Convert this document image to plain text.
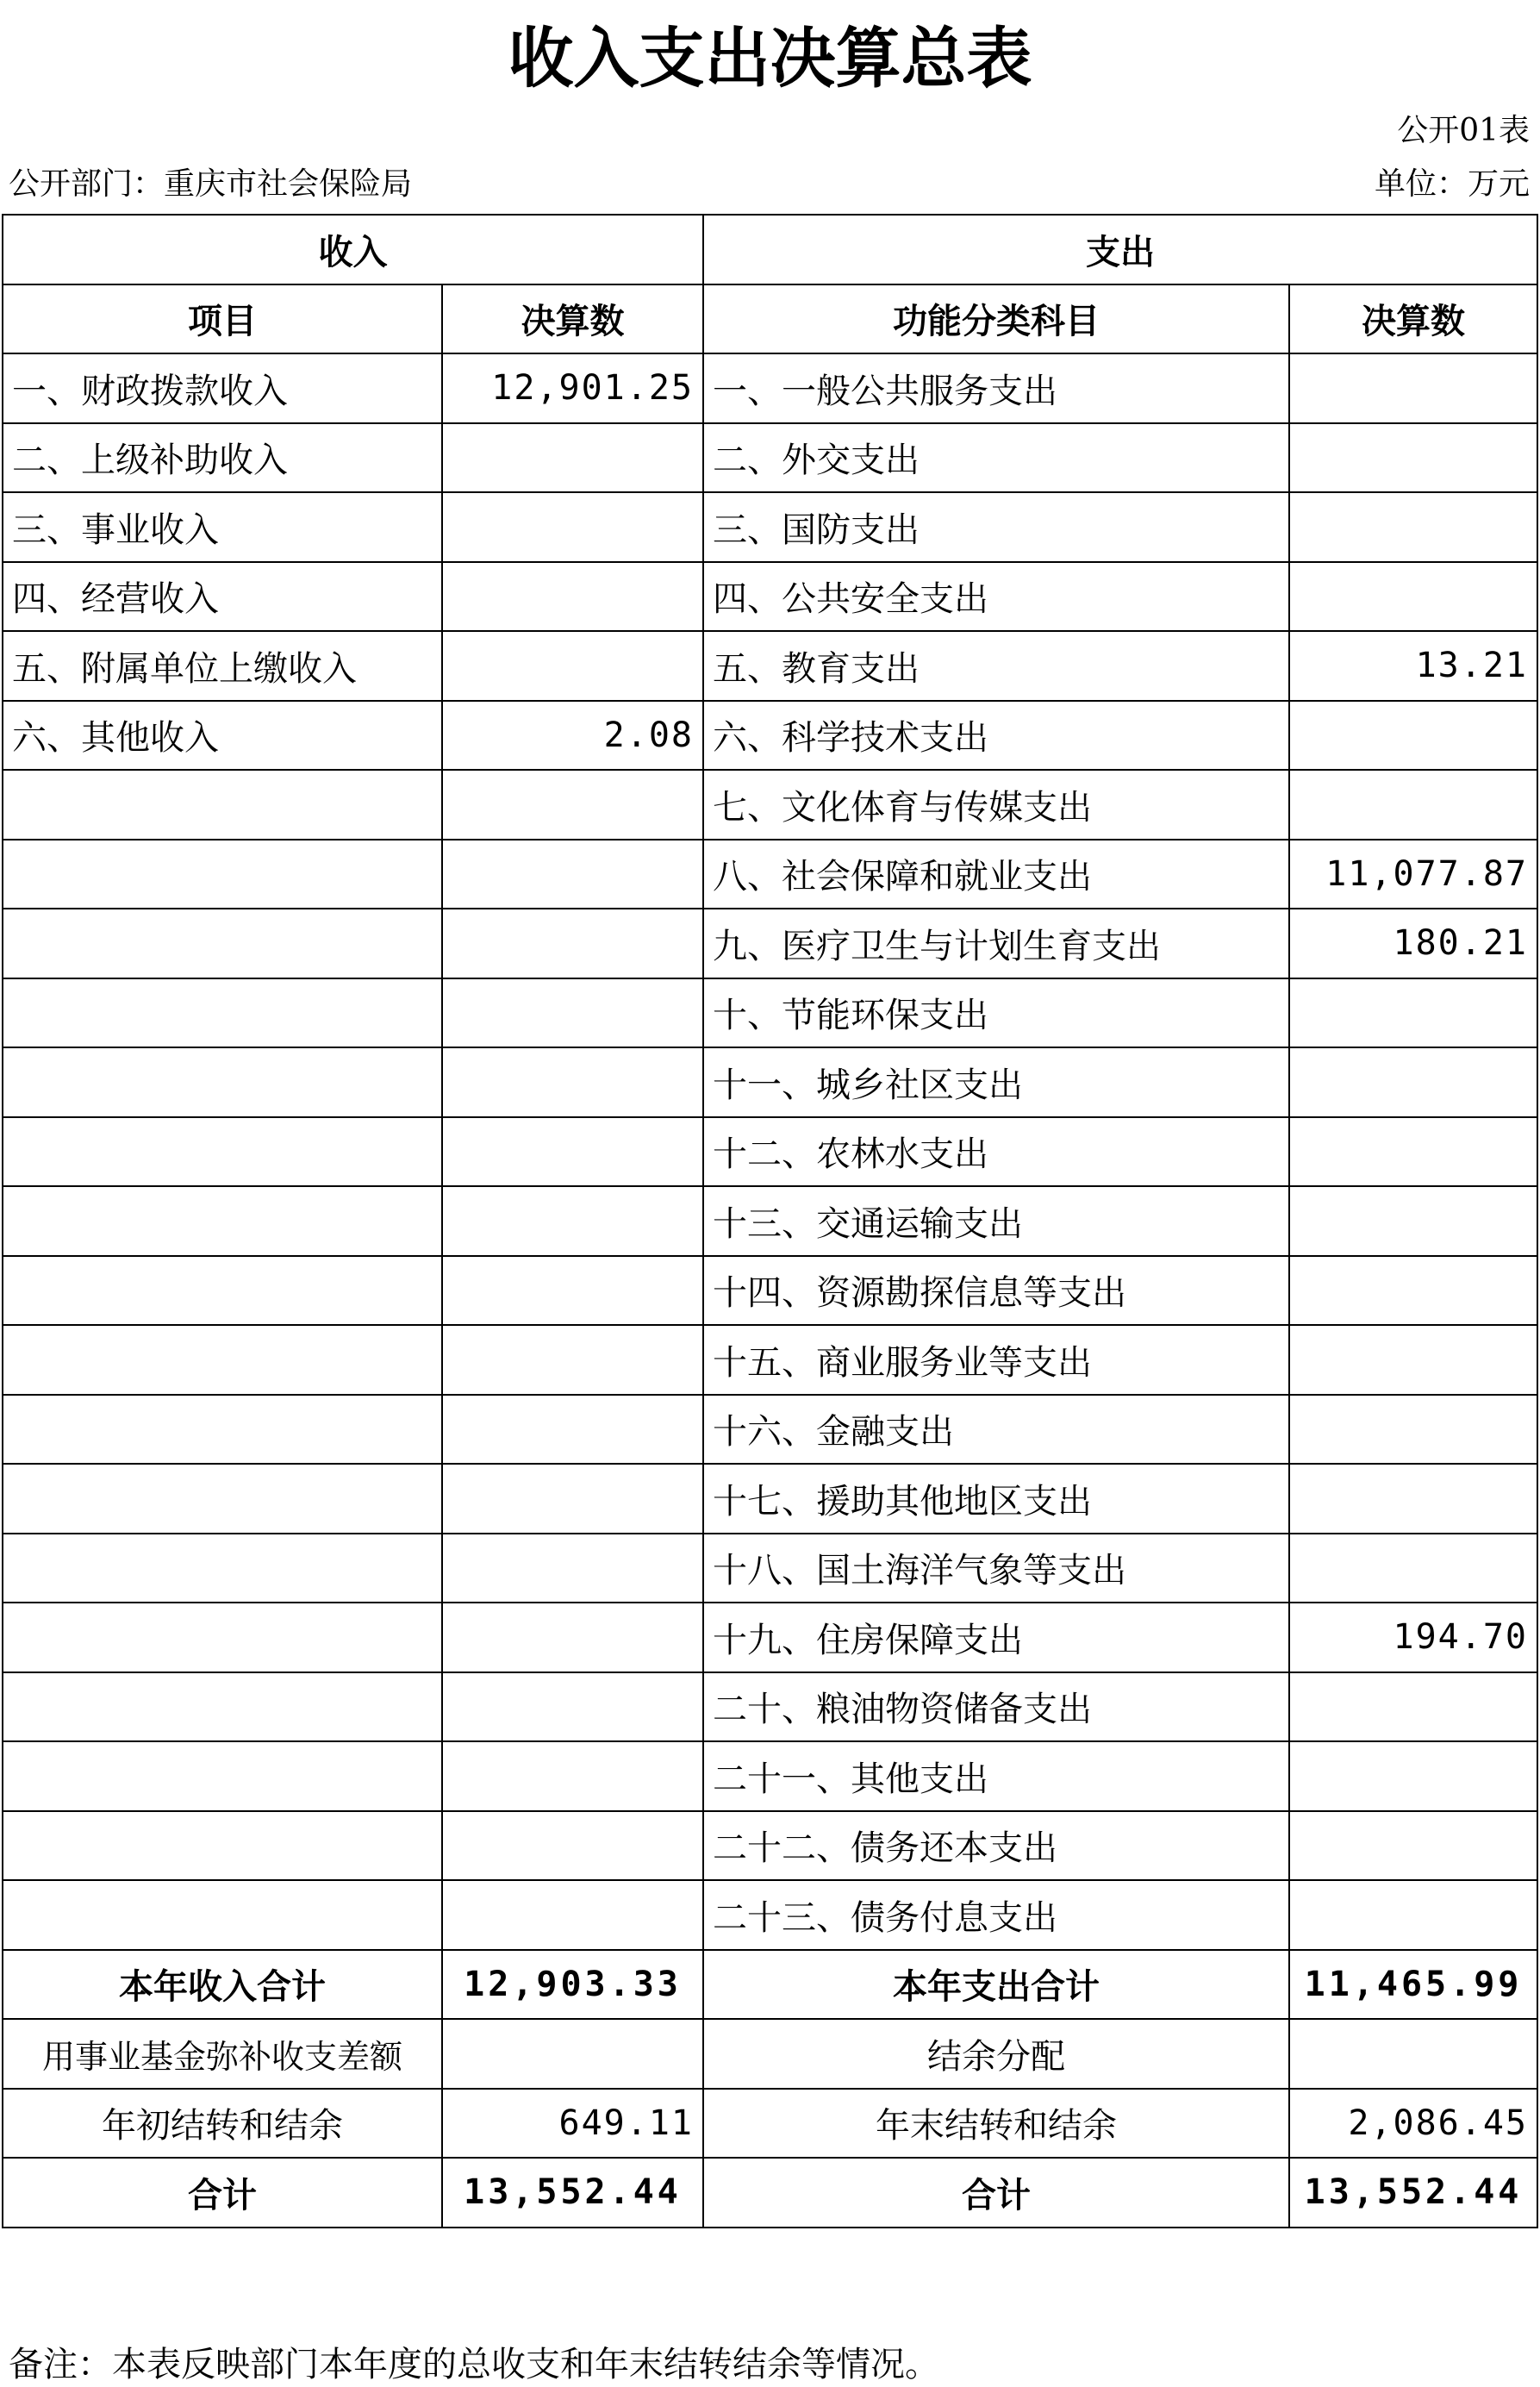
收入支出决算总表
公开01表
公开部门：重庆市社会保险局	单位：万元
收入		支出	
项目	决算数	功能分类科目	决算数
一、财政拨款收入	12,901.25	一、一般公共服务支出	
二、上级补助收入		二、外交支出	
三、事业收入		三、国防支出	
四、经营收入		四、公共安全支出	
五、附属单位上缴收入		五、教育支出	13.21
六、其他收入	2.08	六、科学技术支出	
		七、文化体育与传媒支出	
		八、社会保障和就业支出	11,077.87
		九、医疗卫生与计划生育支出	180.21
		十、节能环保支出	
		十一、城乡社区支出	
		十二、农林水支出	
		十三、交通运输支出	
		十四、资源勘探信息等支出	
		十五、商业服务业等支出	
		十六、金融支出	
		十七、援助其他地区支出	
		十八、国土海洋气象等支出	
		十九、住房保障支出	194.70
		二十、粮油物资储备支出	
		二十一、其他支出	
		二十二、债务还本支出	
		二十三、债务付息支出	
本年收入合计	12,903.33	本年支出合计	11,465.99
用事业基金弥补收支差额		结余分配	
年初结转和结余	649.11	年末结转和结余	2,086.45
合计	13,552.44	合计	13,552.44
备注：本表反映部门本年度的总收支和年末结转结余等情况。
